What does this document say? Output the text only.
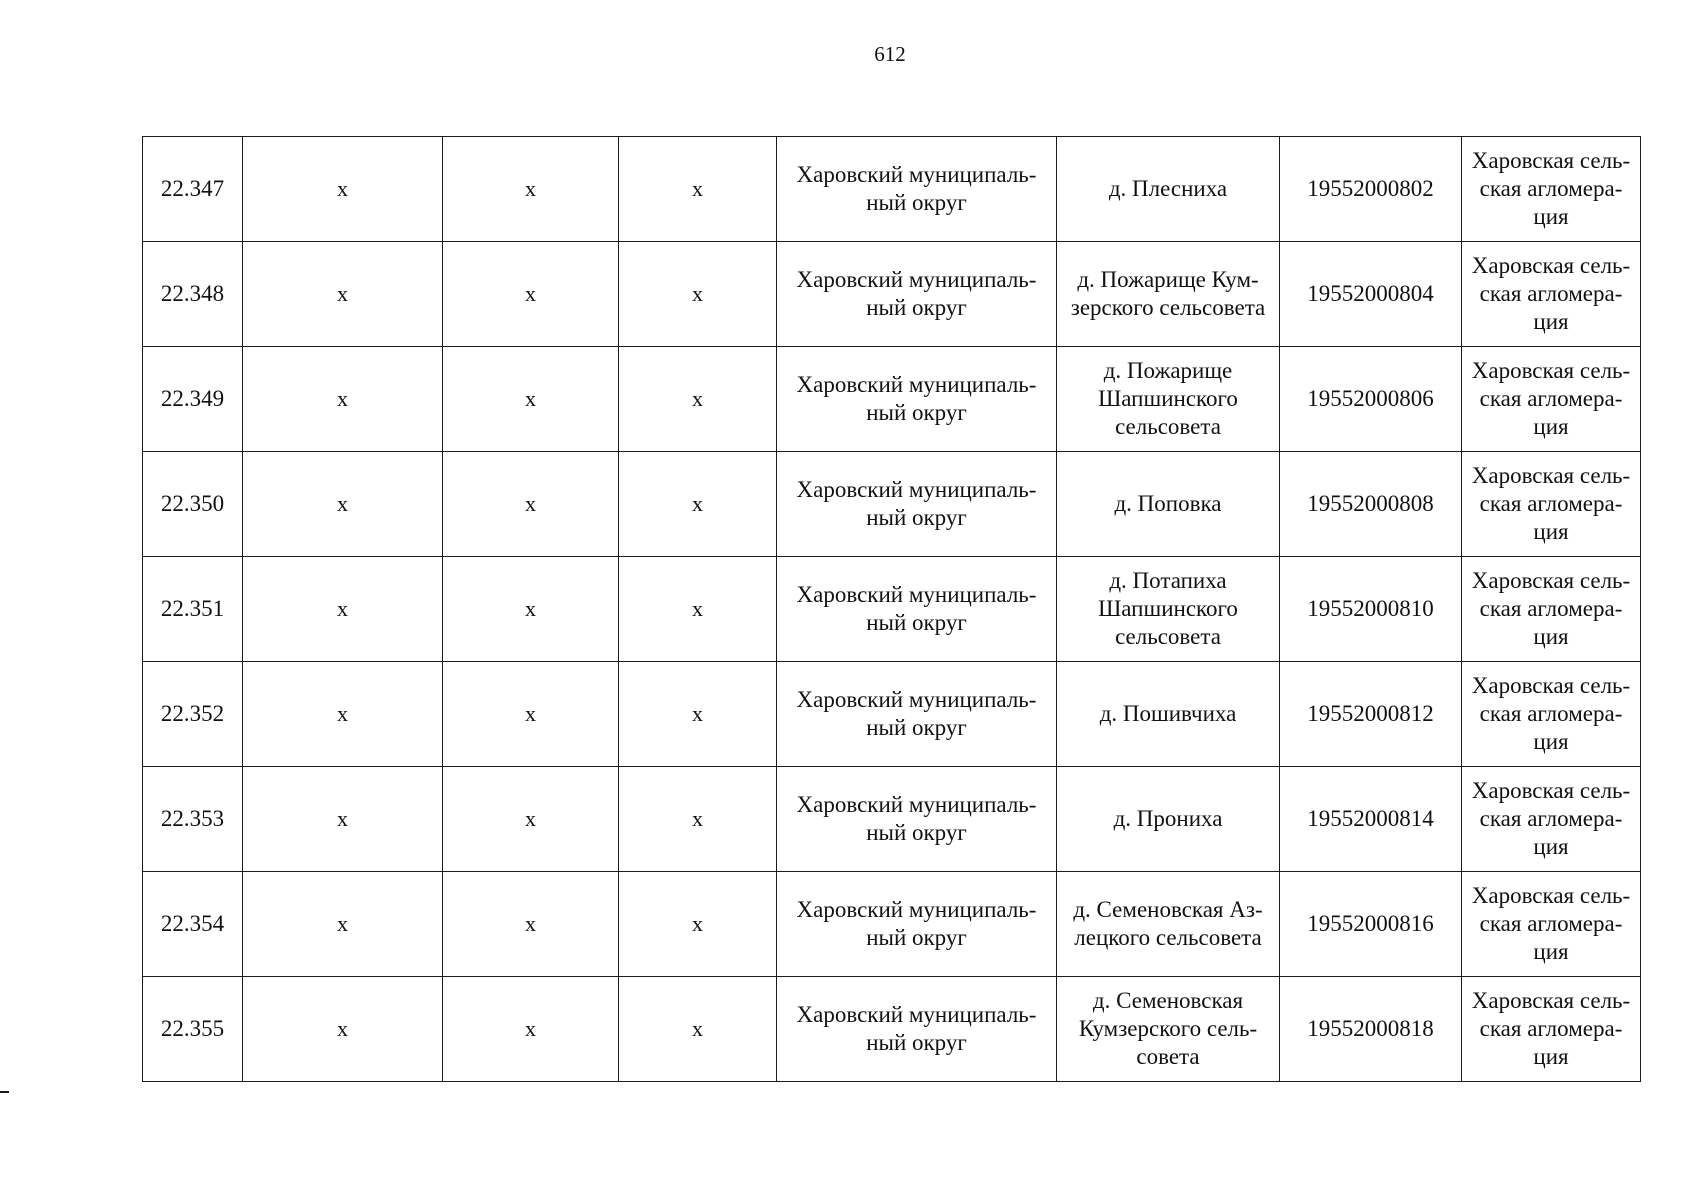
612
22.347	х	х	х	Харовский муниципаль-
ный округ	д. Плесниха	19552000802	Харовская сель-
ская агломера-
ция
22.348	х	х	х	Харовский муниципаль-
ный округ	д. Пожарище Кум-
зерского сельсовета	19552000804	Харовская сель-
ская агломера-
ция
22.349	х	х	х	Харовский муниципаль-
ный округ	д. Пожарище
Шапшинского
сельсовета	19552000806	Харовская сель-
ская агломера-
ция
22.350	х	х	х	Харовский муниципаль-
ный округ	д. Поповка	19552000808	Харовская сель-
ская агломера-
ция
22.351	х	х	х	Харовский муниципаль-
ный округ	д. Потапиха
Шапшинского
сельсовета	19552000810	Харовская сель-
ская агломера-
ция
22.352	х	х	х	Харовский муниципаль-
ный округ	д. Пошивчиха	19552000812	Харовская сель-
ская агломера-
ция
22.353	х	х	х	Харовский муниципаль-
ный округ	д. Прониха	19552000814	Харовская сель-
ская агломера-
ция
22.354	х	х	х	Харовский муниципаль-
ный округ	д. Семеновская Аз-
лецкого сельсовета	19552000816	Харовская сель-
ская агломера-
ция
22.355	х	х	х	Харовский муниципаль-
ный округ	д. Семеновская
Кумзерского сель-
совета	19552000818	Харовская сель-
ская агломера-
ция
